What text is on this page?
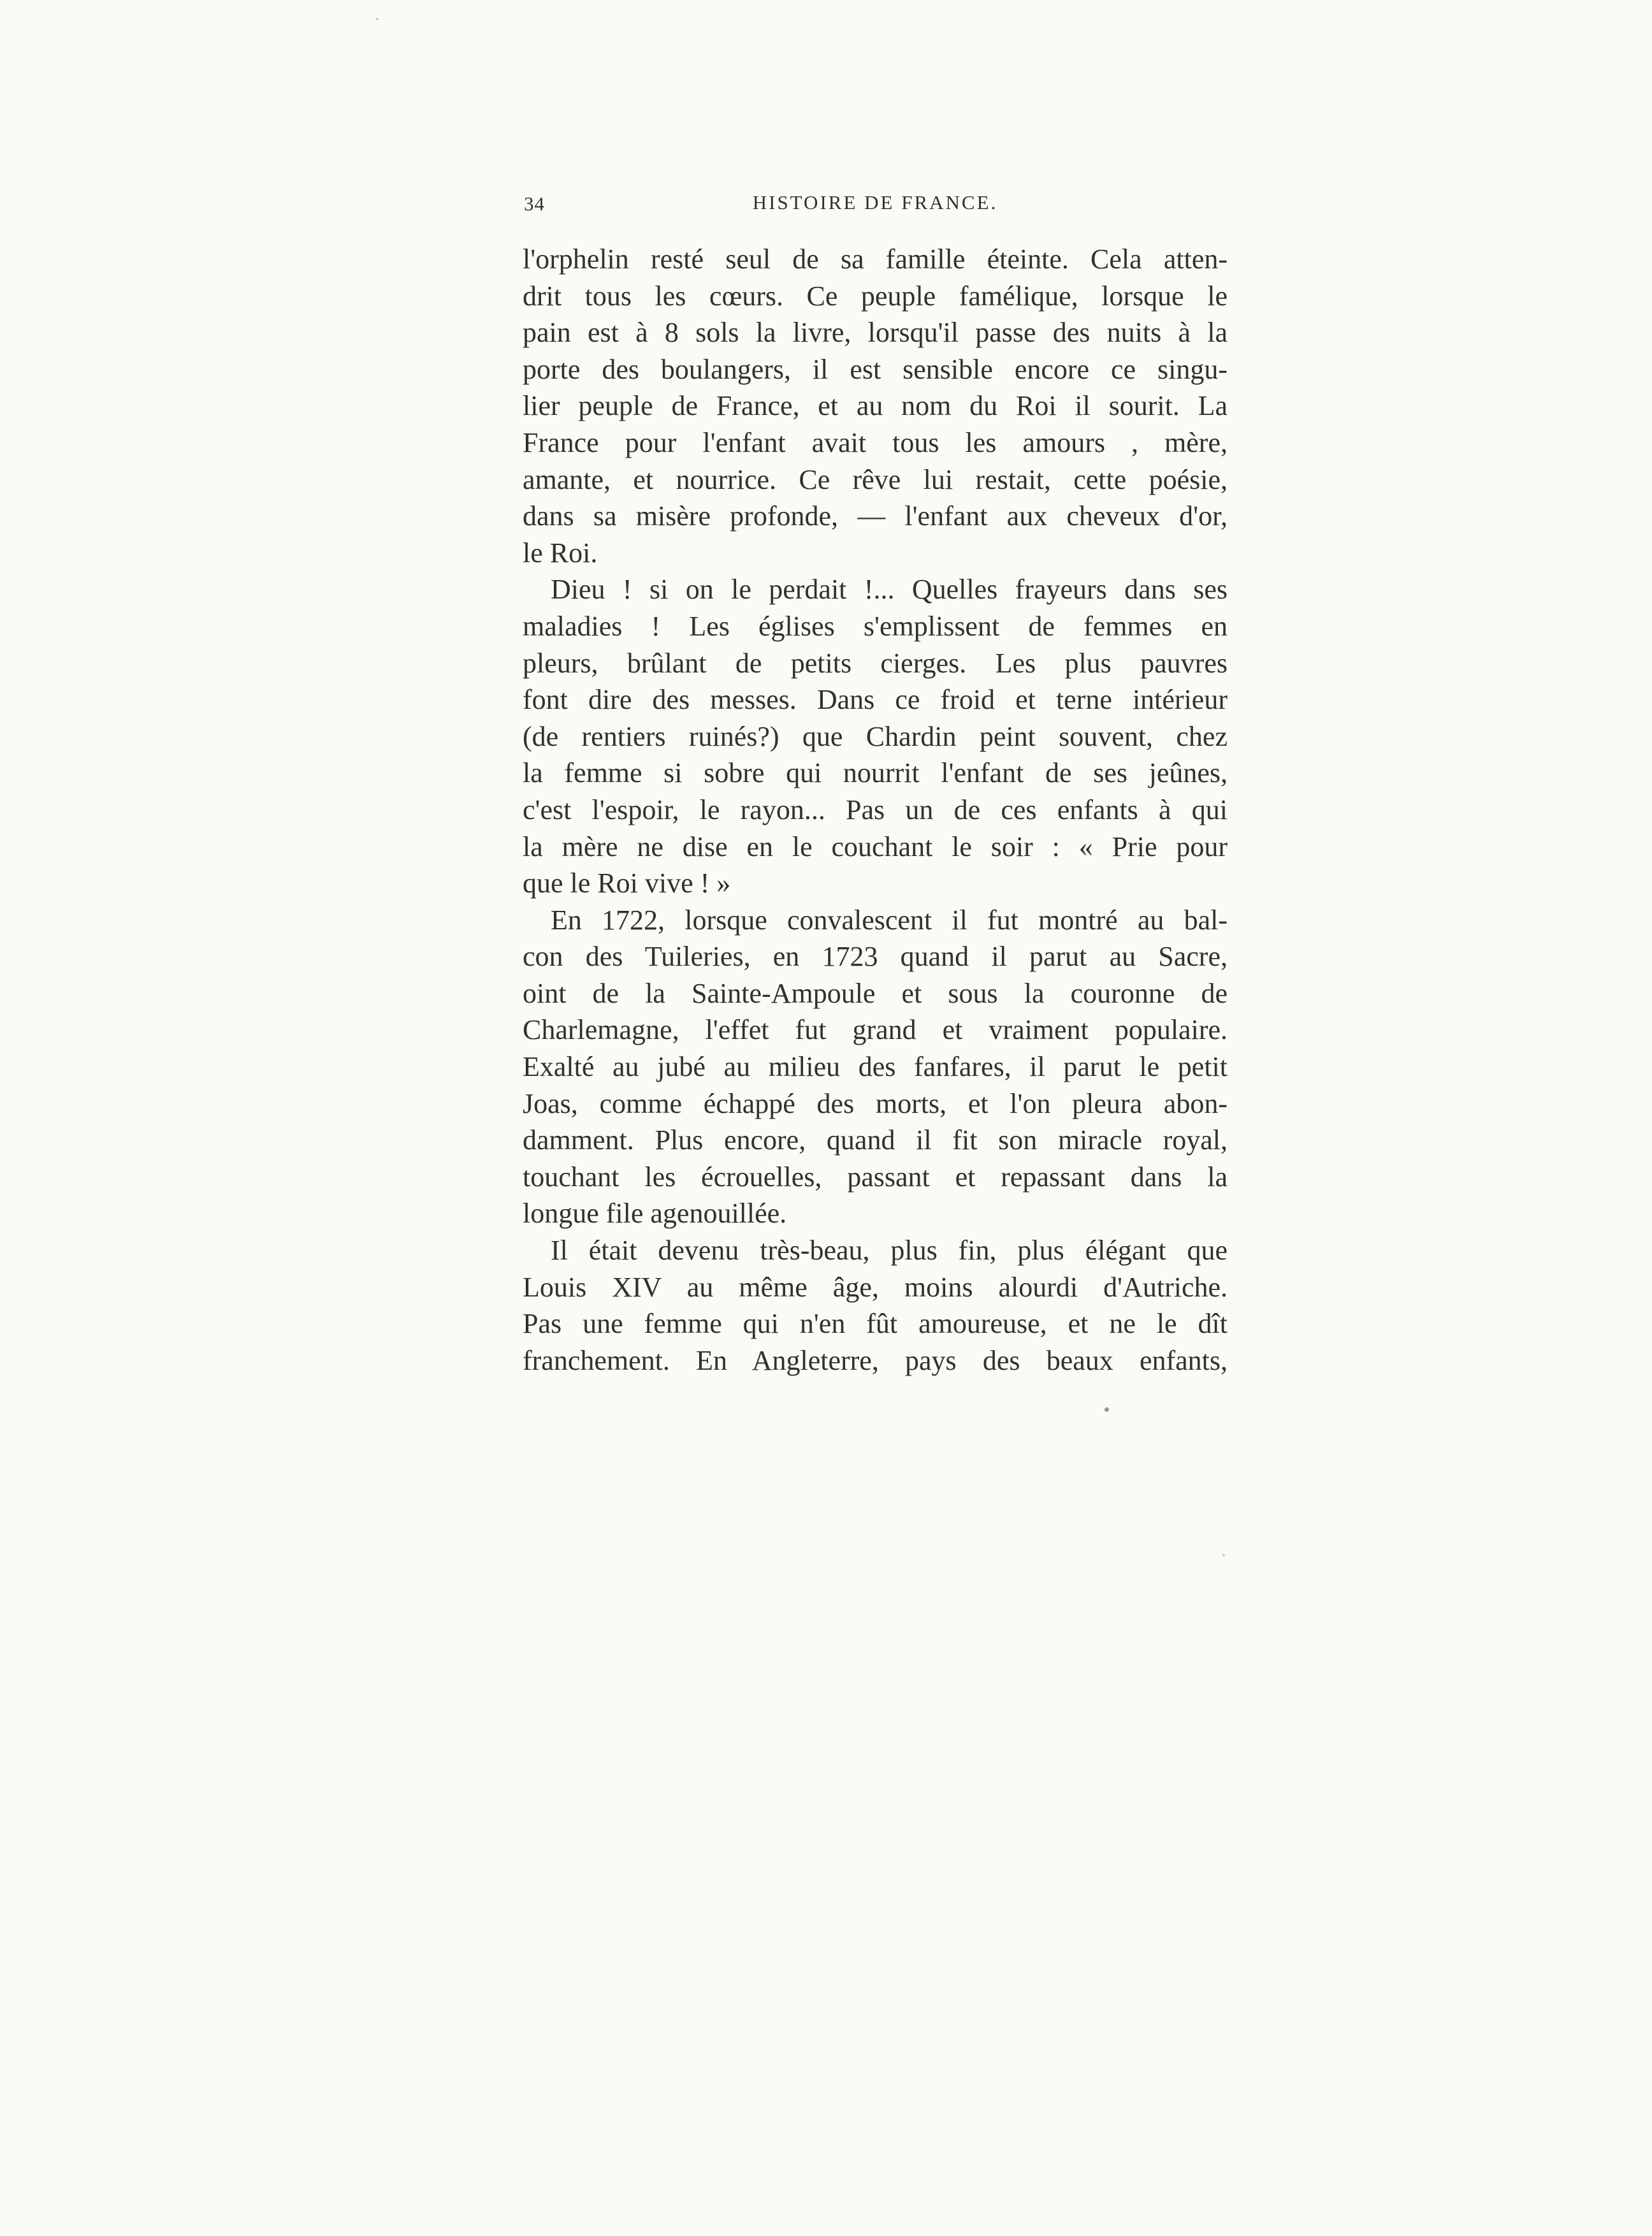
34	HISTOIRE DE FRANCE.
l'orphelin resté seul de sa famille éteinte. Cela atten-
drit tous les cœurs. Ce peuple famélique, lorsque le
pain est à 8 sols la livre, lorsqu'il passe des nuits à la
porte des boulangers, il est sensible encore ce singu-
lier peuple de France, et au nom du Roi il sourit. La
France pour l'enfant avait tous les amours , mère,
amante, et nourrice. Ce rêve lui restait, cette poésie,
dans sa misère profonde, — l'enfant aux cheveux d'or,
le Roi.
Dieu ! si on le perdait !... Quelles frayeurs dans ses
maladies ! Les églises s'emplissent de femmes en
pleurs, brûlant de petits cierges. Les plus pauvres
font dire des messes. Dans ce froid et terne intérieur
(de rentiers ruinés?) que Chardin peint souvent, chez
la femme si sobre qui nourrit l'enfant de ses jeûnes,
c'est l'espoir, le rayon... Pas un de ces enfants à qui
la mère ne dise en le couchant le soir : « Prie pour
que le Roi vive ! »
En 1722, lorsque convalescent il fut montré au bal-
con des Tuileries, en 1723 quand il parut au Sacre,
oint de la Sainte-Ampoule et sous la couronne de
Charlemagne, l'effet fut grand et vraiment populaire.
Exalté au jubé au milieu des fanfares, il parut le petit
Joas, comme échappé des morts, et l'on pleura abon-
damment. Plus encore, quand il fit son miracle royal,
touchant les écrouelles, passant et repassant dans la
longue file agenouillée.
Il était devenu très-beau, plus fin, plus élégant que
Louis XIV au même âge, moins alourdi d'Autriche.
Pas une femme qui n'en fût amoureuse, et ne le dît
franchement. En Angleterre, pays des beaux enfants,
